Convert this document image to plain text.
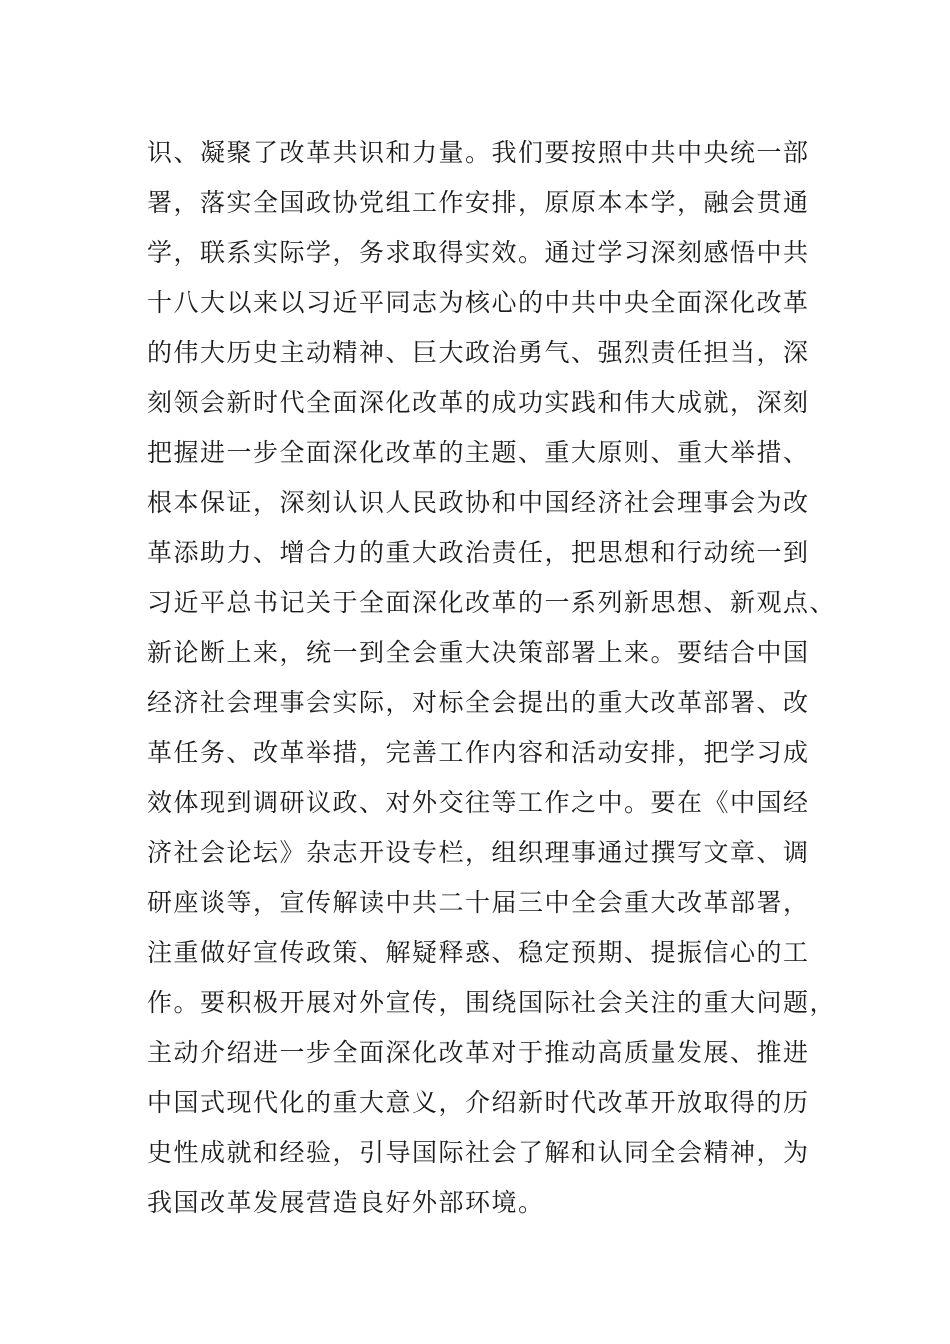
识、凝聚了改革共识和力量。我们要按照中共中央统一部
署，落实全国政协党组工作安排，原原本本学，融会贯通
学，联系实际学，务求取得实效。通过学习深刻感悟中共
十八大以来以习近平同志为核心的中共中央全面深化改革
的伟大历史主动精神、巨大政治勇气、强烈责任担当，深
刻领会新时代全面深化改革的成功实践和伟大成就，深刻
把握进一步全面深化改革的主题、重大原则、重大举措、
根本保证，深刻认识人民政协和中国经济社会理事会为改
革添助力、增合力的重大政治责任，把思想和行动统一到
习近平总书记关于全面深化改革的一系列新思想、新观点、
新论断上来，统一到全会重大决策部署上来。要结合中国
经济社会理事会实际，对标全会提出的重大改革部署、改
革任务、改革举措，完善工作内容和活动安排，把学习成
效体现到调研议政、对外交往等工作之中。要在《中国经
济社会论坛》杂志开设专栏，组织理事通过撰写文章、调
研座谈等，宣传解读中共二十届三中全会重大改革部署，
注重做好宣传政策、解疑释惑、稳定预期、提振信心的工
作。要积极开展对外宣传，围绕国际社会关注的重大问题，
主动介绍进一步全面深化改革对于推动高质量发展、推进
中国式现代化的重大意义，介绍新时代改革开放取得的历
史性成就和经验，引导国际社会了解和认同全会精神，为
我国改革发展营造良好外部环境。
